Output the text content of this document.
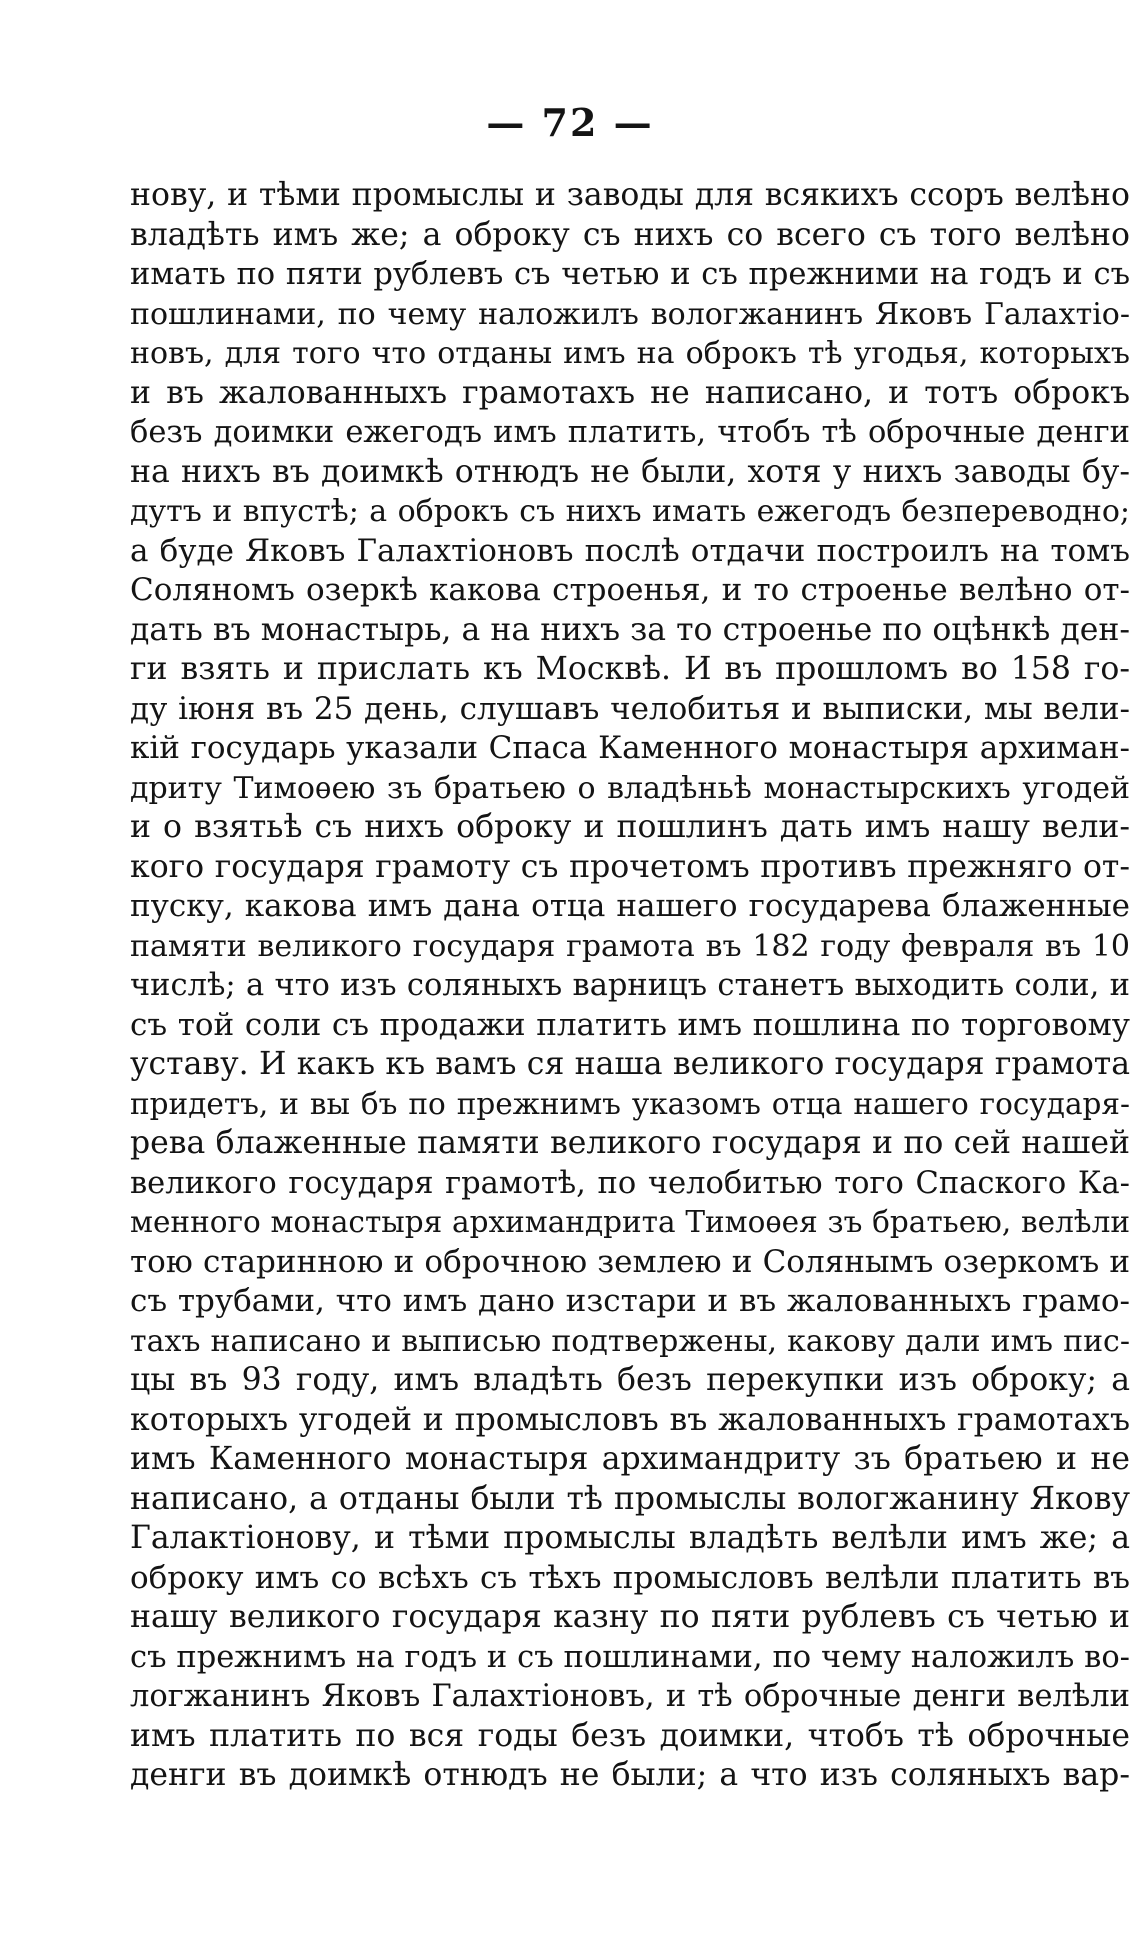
— 72 —
нову, и тѣми промыслы и заводы для всякихъ ссоръ велѣно
владѣть имъ же; а оброку съ нихъ со всего съ того велѣно
имать по пяти рублевъ съ четью и съ прежними на годъ и съ
пошлинами, по чему наложилъ вологжанинъ Яковъ Галахтіо-
новъ, для того что отданы имъ на оброкъ тѣ угодья, которыхъ
и въ жалованныхъ грамотахъ не написано, и тотъ оброкъ
безъ доимки ежегодъ имъ платить, чтобъ тѣ оброчные денги
на нихъ въ доимкѣ отнюдъ не были, хотя у нихъ заводы бу-
дутъ и впустѣ; а оброкъ съ нихъ имать ежегодъ безпереводно;
а буде Яковъ Галахтіоновъ послѣ отдачи построилъ на томъ
Соляномъ озеркѣ какова строенья, и то строенье велѣно от-
дать въ монастырь, а на нихъ за то строенье по оцѣнкѣ ден-
ги взять и прислать къ Москвѣ. И въ прошломъ во 158 го-
ду іюня въ 25 день, слушавъ челобитья и выписки, мы вели-
кій государь указали Спаса Каменного монастыря архиман-
дриту Тимоѳею зъ братьею о владѣньѣ монастырскихъ угодей
и о взятьѣ съ нихъ оброку и пошлинъ дать имъ нашу вели-
кого государя грамоту съ прочетомъ противъ прежняго от-
пуску, какова имъ дана отца нашего государева блаженные
памяти великого государя грамота въ 182 году февраля въ 10
числѣ; а что изъ соляныхъ варницъ станетъ выходить соли, и
съ той соли съ продажи платить имъ пошлина по торговому
уставу. И какъ къ вамъ ся наша великого государя грамота
придетъ, и вы бъ по прежнимъ указомъ отца нашего государя-
рева блаженные памяти великого государя и по сей нашей
великого государя грамотѣ, по челобитью того Спаского Ка-
менного монастыря архимандрита Тимоѳея зъ братьею, велѣли
тою старинною и оброчною землею и Солянымъ озеркомъ и
съ трубами, что имъ дано изстари и въ жалованныхъ грамо-
тахъ написано и выписью подтвержены, какову дали имъ пис-
цы въ 93 году, имъ владѣть безъ перекупки изъ оброку; а
которыхъ угодей и промысловъ въ жалованныхъ грамотахъ
имъ Каменного монастыря архимандриту зъ братьею и не
написано, а отданы были тѣ промыслы вологжанину Якову
Галактіонову, и тѣми промыслы владѣть велѣли имъ же; а
оброку имъ со всѣхъ съ тѣхъ промысловъ велѣли платить въ
нашу великого государя казну по пяти рублевъ съ четью и
съ прежнимъ на годъ и съ пошлинами, по чему наложилъ во-
логжанинъ Яковъ Галахтіоновъ, и тѣ оброчные денги велѣли
имъ платить по вся годы безъ доимки, чтобъ тѣ оброчные
денги въ доимкѣ отнюдъ не были; а что изъ соляныхъ вар-
